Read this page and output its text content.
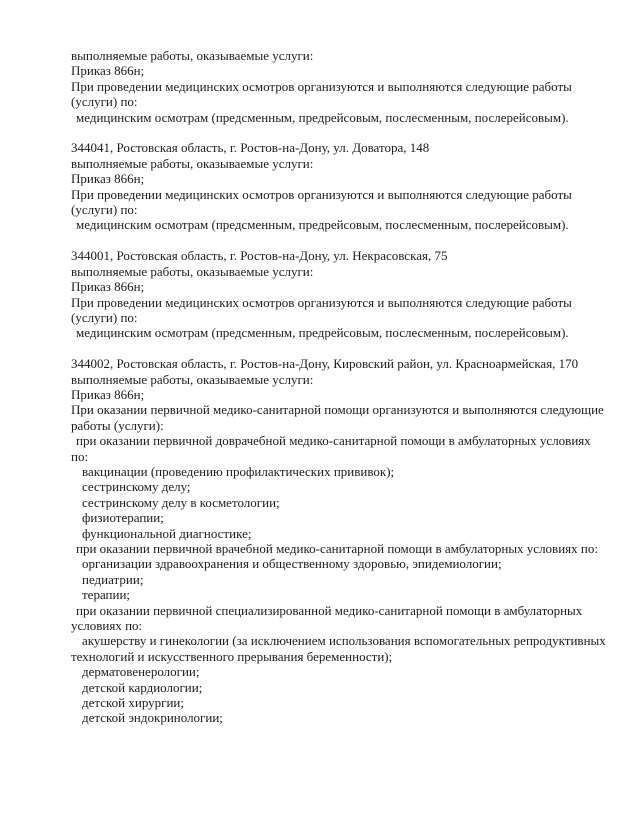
выполняемые работы, оказываемые услуги:
Приказ 866н;
При проведении медицинских осмотров организуются и выполняются следующие работы
(услуги) по:
медицинским осмотрам (предсменным, предрейсовым, послесменным, послерейсовым).

344041, Ростовская область, г. Ростов-на-Дону, ул. Доватора, 148
выполняемые работы, оказываемые услуги:
Приказ 866н;
При проведении медицинских осмотров организуются и выполняются следующие работы
(услуги) по:
медицинским осмотрам (предсменным, предрейсовым, послесменным, послерейсовым).

344001, Ростовская область, г. Ростов-на-Дону, ул. Некрасовская, 75
выполняемые работы, оказываемые услуги:
Приказ 866н;
При проведении медицинских осмотров организуются и выполняются следующие работы
(услуги) по:
медицинским осмотрам (предсменным, предрейсовым, послесменным, послерейсовым).

344002, Ростовская область, г. Ростов-на-Дону, Кировский район, ул. Красноармейская, 170
выполняемые работы, оказываемые услуги:
Приказ 866н;
При оказании первичной медико-санитарной помощи организуются и выполняются следующие
работы (услуги):
при оказании первичной доврачебной медико-санитарной помощи в амбулаторных условиях
по:
вакцинации (проведению профилактических прививок);
сестринскому делу;
сестринскому делу в косметологии;
физиотерапии;
функциональной диагностике;
при оказании первичной врачебной медико-санитарной помощи в амбулаторных условиях по:
организации здравоохранения и общественному здоровью, эпидемиологии;
педиатрии;
терапии;
при оказании первичной специализированной медико-санитарной помощи в амбулаторных
условиях по:
акушерству и гинекологии (за исключением использования вспомогательных репродуктивных
технологий и искусственного прерывания беременности);
дерматовенерологии;
детской кардиологии;
детской хирургии;
детской эндокринологии;
